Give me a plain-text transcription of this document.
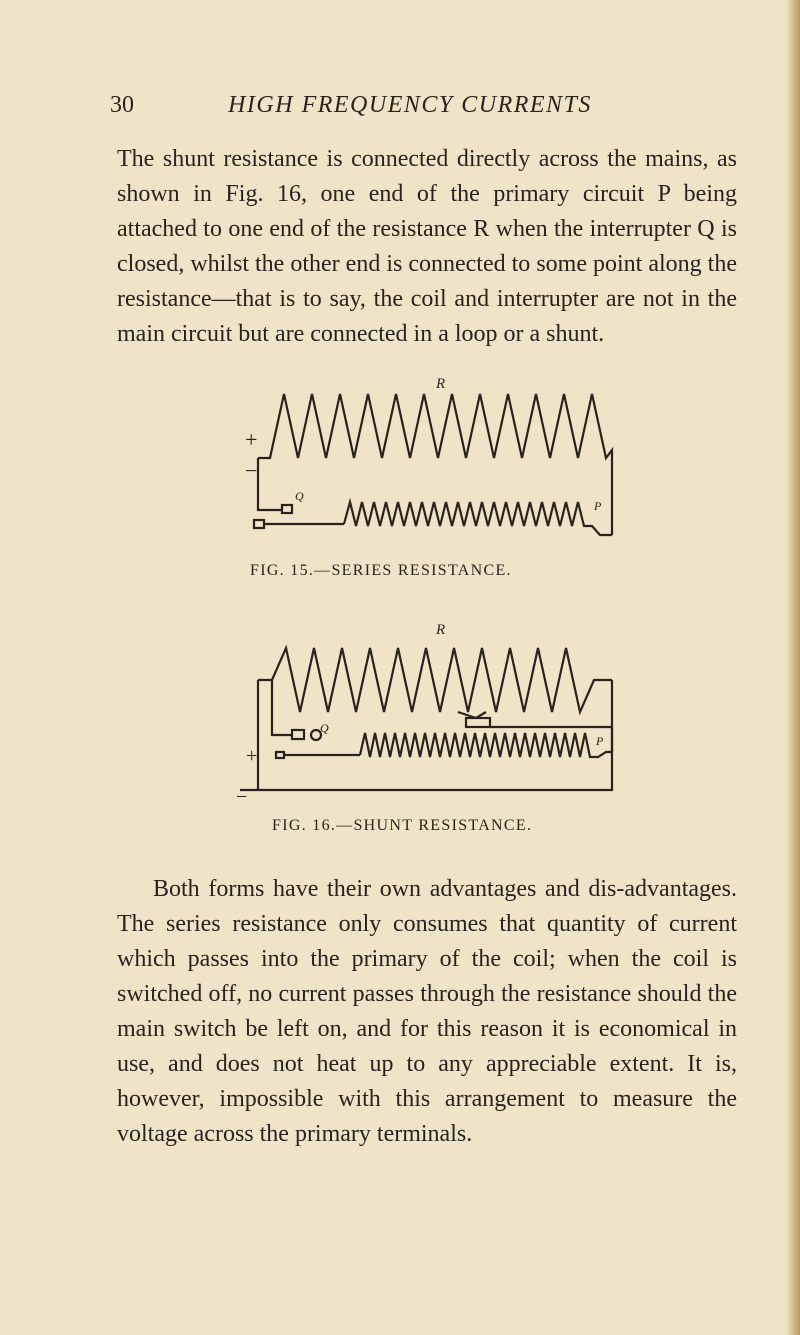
30	HIGH FREQUENCY CURRENTS

The shunt resistance is connected directly across the mains, as shown in Fig. 16, one end of the primary circuit P being attached to one end of the resistance R when the interrupter Q is closed, whilst the other end is connected to some point along the resistance—that is to say, the coil and interrupter are not in the main circuit but are connected in a loop or a shunt.

R
+
−
Q
P
FIG. 15.—SERIES RESISTANCE.
R
+
−
Q
P
FIG. 16.—SHUNT RESISTANCE.

Both forms have their own advantages and dis-advantages. The series resistance only consumes that quantity of current which passes into the primary of the coil; when the coil is switched off, no current passes through the resistance should the main switch be left on, and for this reason it is economical in use, and does not heat up to any appreciable extent. It is, however, impossible with this arrangement to measure the voltage across the primary terminals.
